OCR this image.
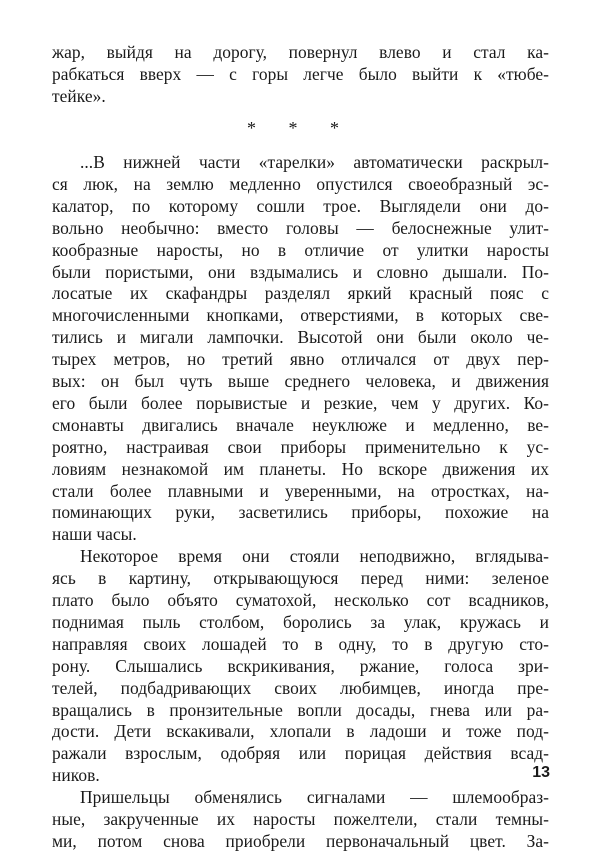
жар, выйдя на дорогу, повернул влево и стал ка-
рабкаться вверх — с горы легче было выйти к «тюбе-
тейке».
* * *
...В нижней части «тарелки» автоматически раскрыл-
ся люк, на землю медленно опустился своеобразный эс-
калатор, по которому сошли трое. Выглядели они до-
вольно необычно: вместо головы — белоснежные улит-
кообразные наросты, но в отличие от улитки наросты
были пористыми, они вздымались и словно дышали. По-
лосатые их скафандры разделял яркий красный пояс с
многочисленными кнопками, отверстиями, в которых све-
тились и мигали лампочки. Высотой они были около че-
тырех метров, но третий явно отличался от двух пер-
вых: он был чуть выше среднего человека, и движения
его были более порывистые и резкие, чем у других. Ко-
смонавты двигались вначале неуклюже и медленно, ве-
роятно, настраивая свои приборы применительно к ус-
ловиям незнакомой им планеты. Но вскоре движения их
стали более плавными и уверенными, на отростках, на-
поминающих руки, засветились приборы, похожие на
наши часы.
Некоторое время они стояли неподвижно, вглядыва-
ясь в картину, открывающуюся перед ними: зеленое
плато было объято суматохой, несколько сот всадников,
поднимая пыль столбом, боролись за улак, кружась и
направляя своих лошадей то в одну, то в другую сто-
рону. Слышались вскрикивания, ржание, голоса зри-
телей, подбадривающих своих любимцев, иногда пре-
вращались в пронзительные вопли досады, гнева или ра-
дости. Дети вскакивали, хлопали в ладоши и тоже под-
ражали взрослым, одобряя или порицая действия всад-
ников.
Пришельцы обменялись сигналами — шлемообраз-
ные, закрученные их наросты пожелтели, стали темны-
ми, потом снова приобрели первоначальный цвет. За-
13
